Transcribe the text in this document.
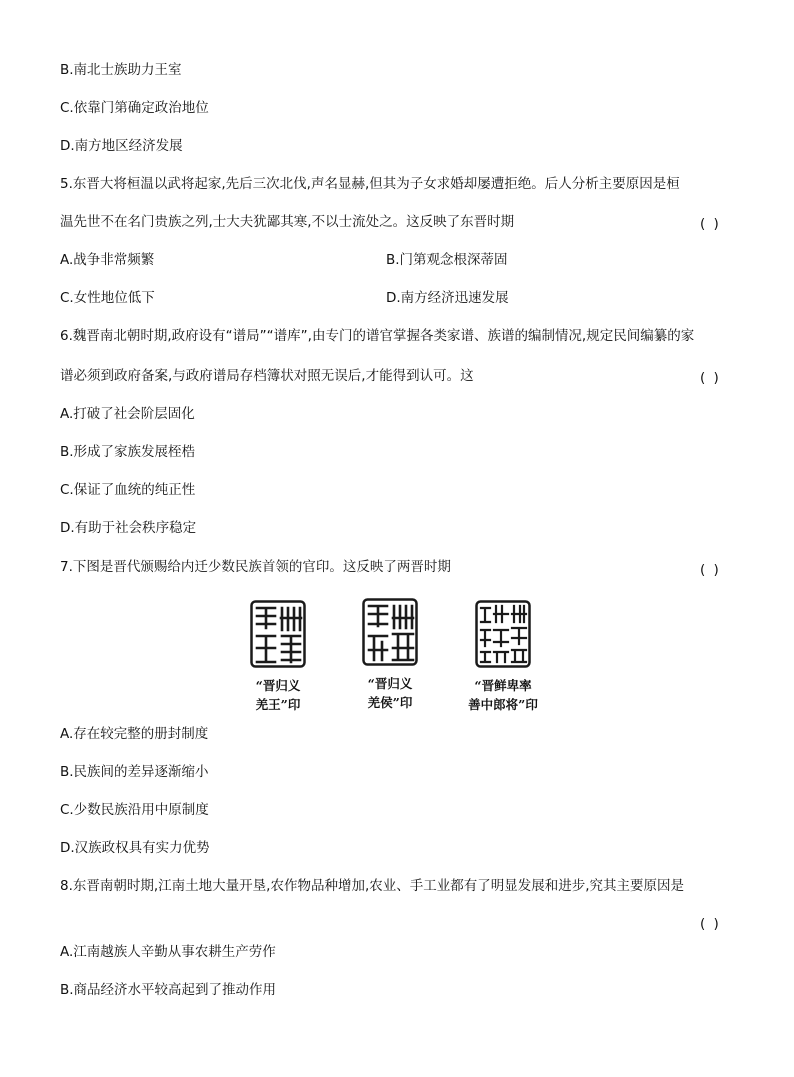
B.南北士族助力王室
C.依靠门第确定政治地位
D.南方地区经济发展
5.东晋大将桓温以武将起家,先后三次北伐,声名显赫,但其为子女求婚却屡遭拒绝。后人分析主要原因是桓
温先世不在名门贵族之列,士大夫犹鄙其寒,不以士流处之。这反映了东晋时期	( )
A.战争非常频繁	B.门第观念根深蒂固
C.女性地位低下	D.南方经济迅速发展
6.魏晋南北朝时期,政府设有“谱局”“谱库”,由专门的谱官掌握各类家谱、族谱的编制情况,规定民间编纂的家
谱必须到政府备案,与政府谱局存档簿状对照无误后,才能得到认可。这	( )
A.打破了社会阶层固化
B.形成了家族发展桎梏
C.保证了血统的纯正性
D.有助于社会秩序稳定
7.下图是晋代颁赐给内迁少数民族首领的官印。这反映了两晋时期	( )
“晋归义
羌王”印
“晋归义
羌侯”印
“晋鲜卑率
善中郎将”印
A.存在较完整的册封制度
B.民族间的差异逐渐缩小
C.少数民族沿用中原制度
D.汉族政权具有实力优势
8.东晋南朝时期,江南土地大量开垦,农作物品种增加,农业、手工业都有了明显发展和进步,究其主要原因是
( )
A.江南越族人辛勤从事农耕生产劳作
B.商品经济水平较高起到了推动作用
